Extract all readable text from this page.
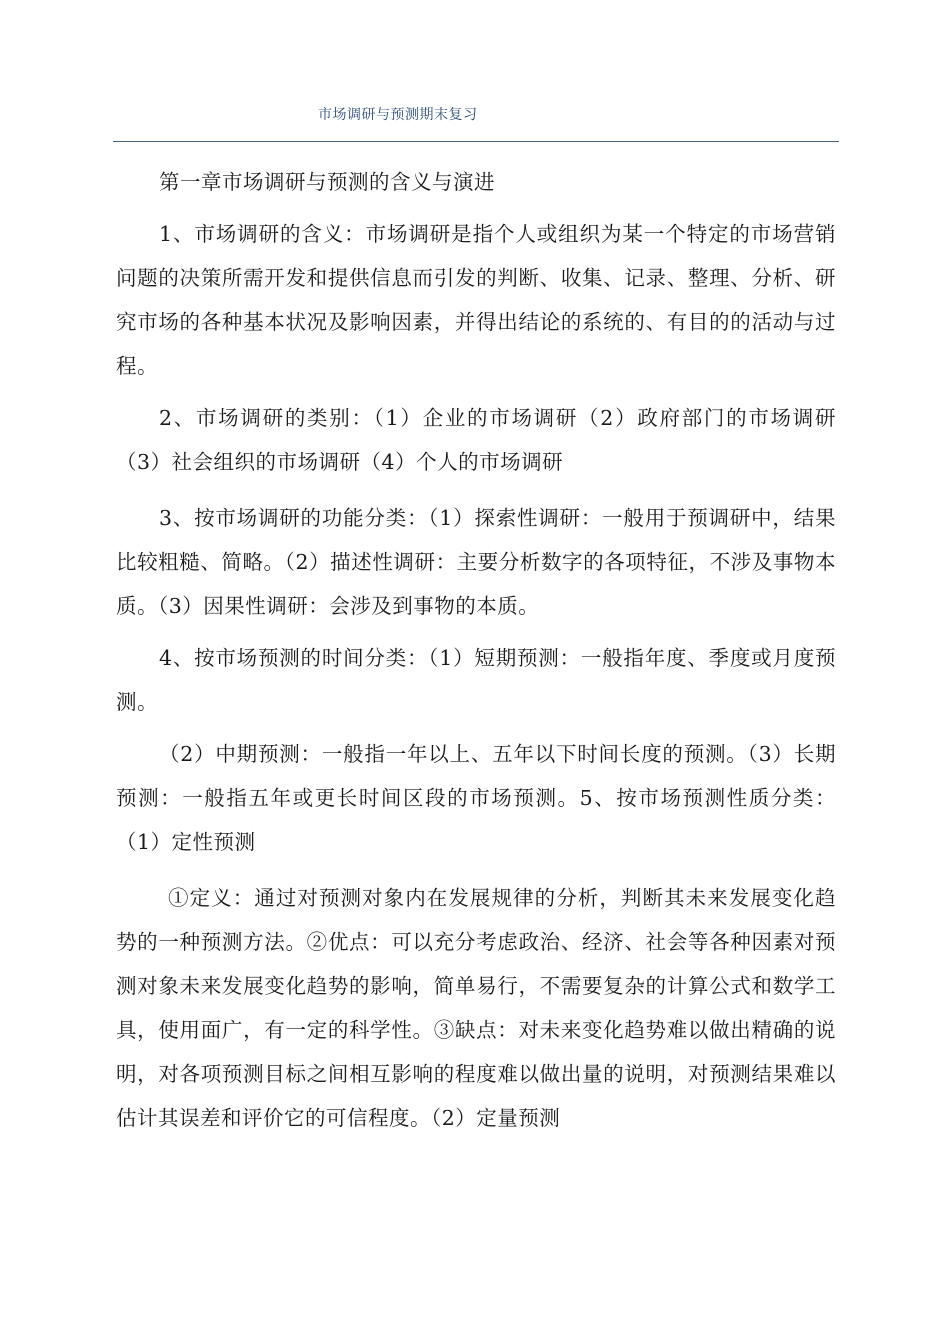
市场调研与预测期末复习

第一章市场调研与预测的含义与演进

1、市场调研的含义：市场调研是指个人或组织为某一个特定的市场营销问题的决策所需开发和提供信息而引发的判断、收集、记录、整理、分析、研究市场的各种基本状况及影响因素，并得出结论的系统的、有目的的活动与过程。

2、市场调研的类别：（1）企业的市场调研（2）政府部门的市场调研（3）社会组织的市场调研（4）个人的市场调研

3、按市场调研的功能分类：（1）探索性调研：一般用于预调研中，结果比较粗糙、简略。（2）描述性调研：主要分析数字的各项特征，不涉及事物本质。（3）因果性调研：会涉及到事物的本质。

4、按市场预测的时间分类：（1）短期预测：一般指年度、季度或月度预测。

（2）中期预测：一般指一年以上、五年以下时间长度的预测。（3）长期预测：一般指五年或更长时间区段的市场预测。5、按市场预测性质分类：（1）定性预测

①定义：通过对预测对象内在发展规律的分析，判断其未来发展变化趋势的一种预测方法。②优点：可以充分考虑政治、经济、社会等各种因素对预测对象未来发展变化趋势的影响，简单易行，不需要复杂的计算公式和数学工具，使用面广，有一定的科学性。③缺点：对未来变化趋势难以做出精确的说明，对各项预测目标之间相互影响的程度难以做出量的说明，对预测结果难以估计其误差和评价它的可信程度。（2）定量预测
